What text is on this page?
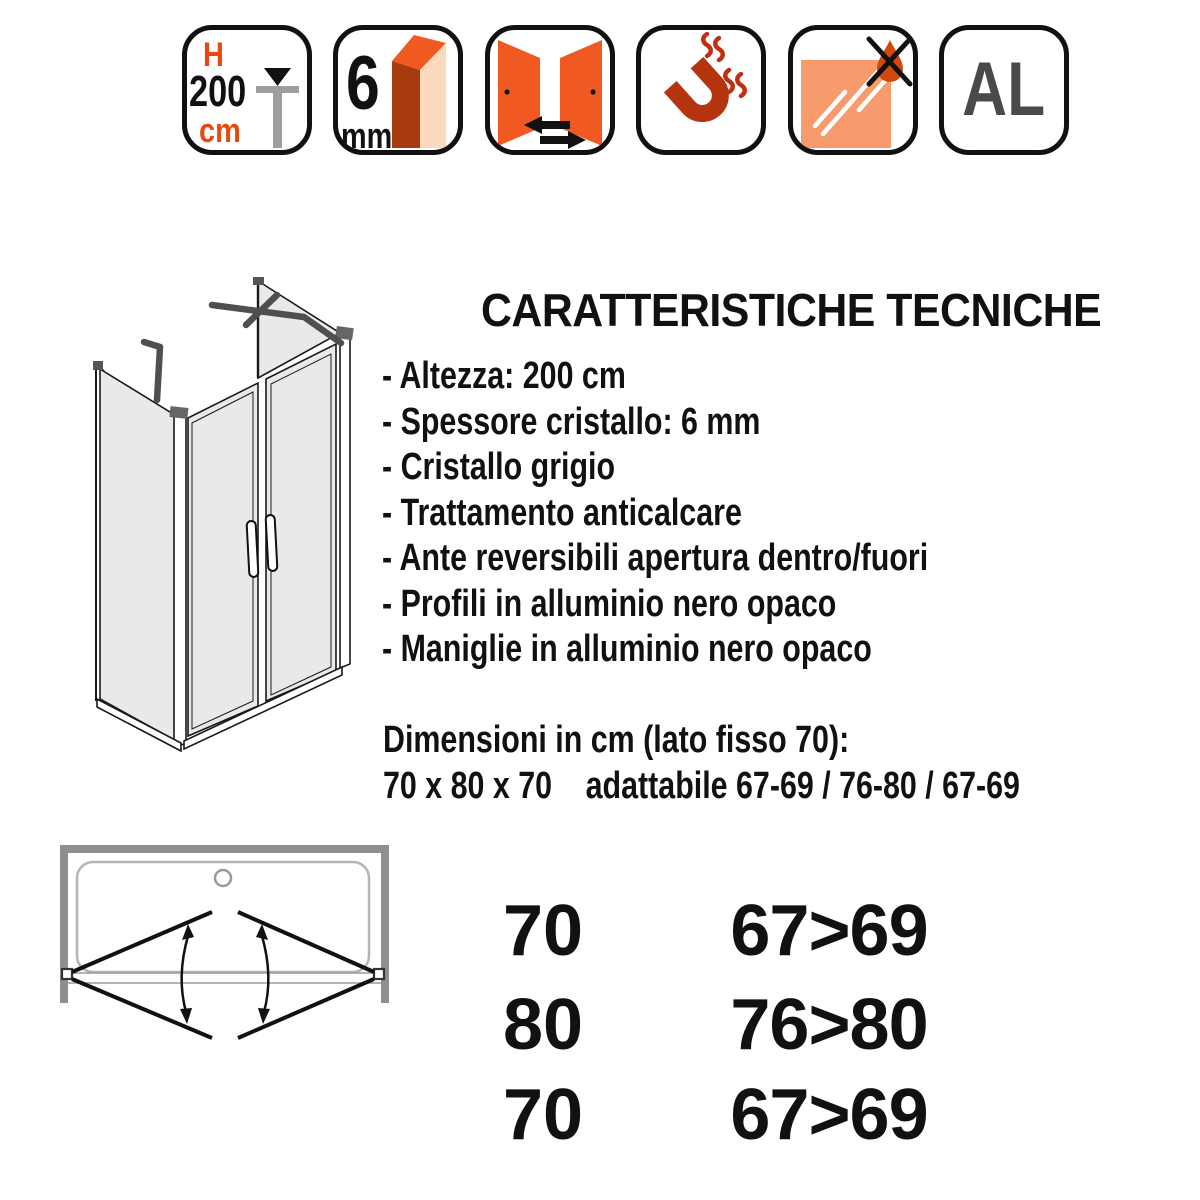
H
200
cm
6
mm
AL
CARATTERISTICHE TECNICHE
- Altezza: 200 cm
- Spessore cristallo: 6 mm
- Cristallo grigio
- Trattamento anticalcare
- Ante reversibili apertura dentro/fuori
- Profili in alluminio nero opaco
- Maniglie in alluminio nero opaco
Dimensioni in cm (lato fisso 70):
70 x 80 x 70 adattabile 67-69 / 76-80 / 67-69
70	67>69
80	76>80
70	67>69
